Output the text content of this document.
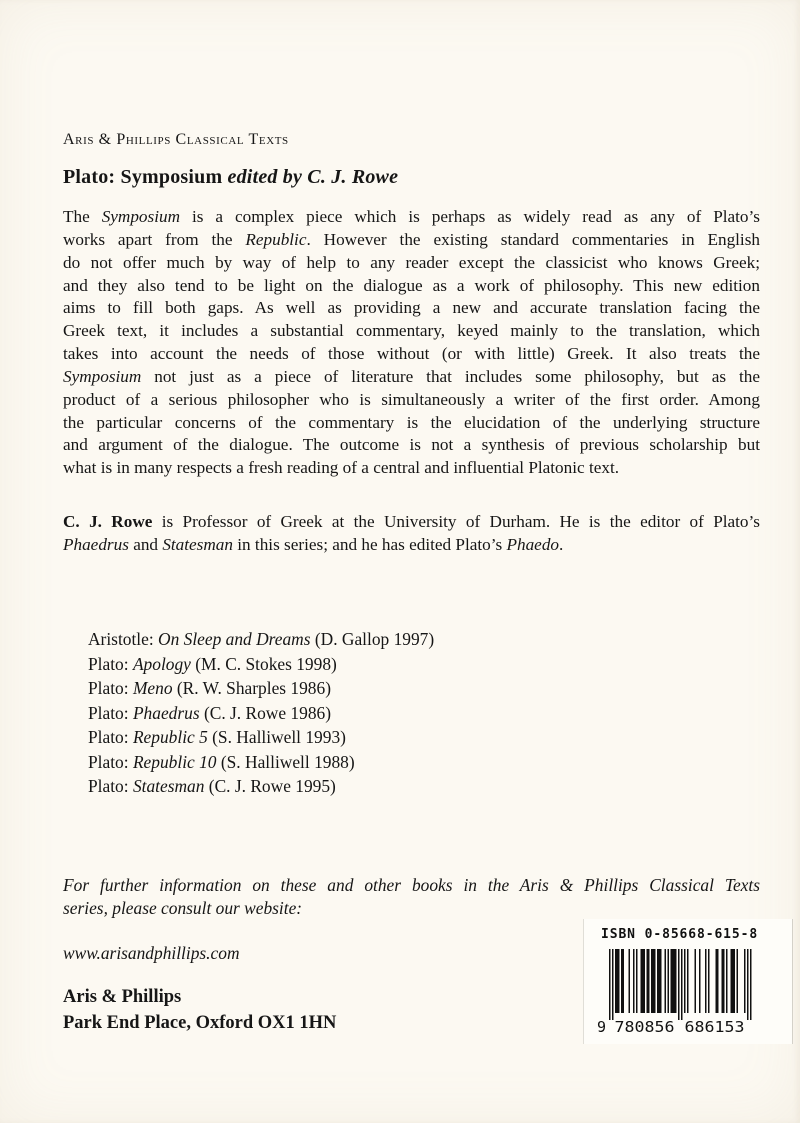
Aris & Phillips Classical Texts
Plato: Symposium edited by C. J. Rowe
The Symposium is a complex piece which is perhaps as widely read as any of Plato’s
works apart from the Republic. However the existing standard commentaries in English
do not offer much by way of help to any reader except the classicist who knows Greek;
and they also tend to be light on the dialogue as a work of philosophy. This new edition
aims to fill both gaps. As well as providing a new and accurate translation facing the
Greek text, it includes a substantial commentary, keyed mainly to the translation, which
takes into account the needs of those without (or with little) Greek. It also treats the
Symposium not just as a piece of literature that includes some philosophy, but as the
product of a serious philosopher who is simultaneously a writer of the first order. Among
the particular concerns of the commentary is the elucidation of the underlying structure
and argument of the dialogue. The outcome is not a synthesis of previous scholarship but
what is in many respects a fresh reading of a central and influential Platonic text.
C. J. Rowe is Professor of Greek at the University of Durham. He is the editor of Plato’s
Phaedrus and Statesman in this series; and he has edited Plato’s Phaedo.
Aristotle: On Sleep and Dreams (D. Gallop 1997)
Plato: Apology (M. C. Stokes 1998)
Plato: Meno (R. W. Sharples 1986)
Plato: Phaedrus (C. J. Rowe 1986)
Plato: Republic 5 (S. Halliwell 1993)
Plato: Republic 10 (S. Halliwell 1988)
Plato: Statesman (C. J. Rowe 1995)
For further information on these and other books in the Aris & Phillips Classical Texts
series, please consult our website:
www.arisandphillips.com
Aris & Phillips
Park End Place, Oxford OX1 1HN
ISBN 0-85668-615-8
9 780856 686153
